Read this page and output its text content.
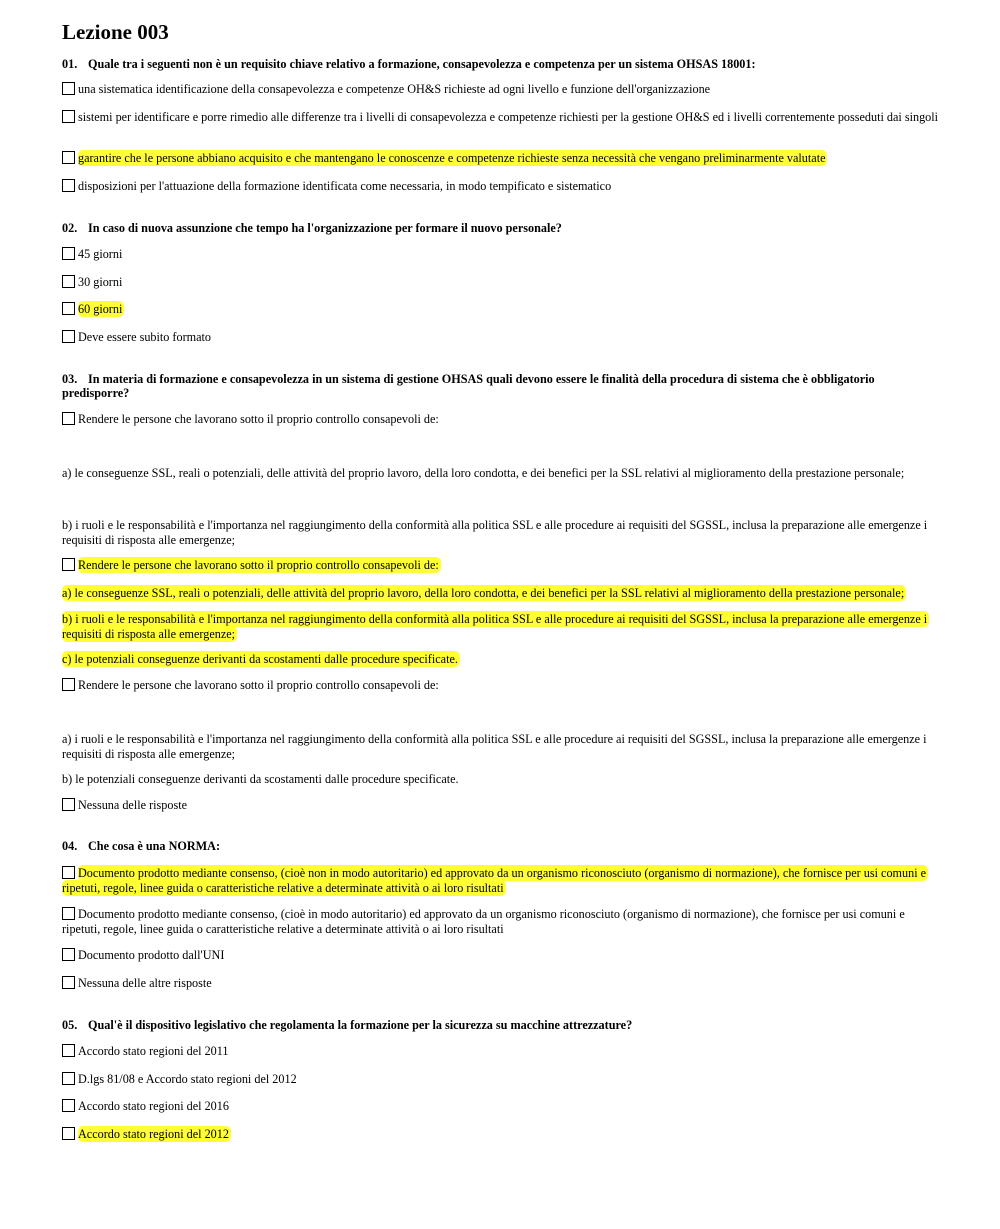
Lezione 003
01. Quale tra i seguenti non è un requisito chiave relativo a formazione, consapevolezza e competenza per un sistema OHSAS 18001:
una sistematica identificazione della consapevolezza e competenze OH&S richieste ad ogni livello e funzione dell'organizzazione
sistemi per identificare e porre rimedio alle differenze tra i livelli di consapevolezza e competenze richiesti per la gestione OH&S ed i livelli correntemente posseduti dai singoli
garantire che le persone abbiano acquisito e che mantengano le conoscenze e competenze richieste senza necessità che vengano preliminarmente valutate
disposizioni per l'attuazione della formazione identificata come necessaria, in modo tempificato e sistematico
02. In caso di nuova assunzione che tempo ha l'organizzazione per formare il nuovo personale?
45 giorni
30 giorni
60 giorni
Deve essere subito formato
03. In materia di formazione e consapevolezza in un sistema di gestione OHSAS quali devono essere le finalità della procedura di sistema che è obbligatorio predisporre?
Rendere le persone che lavorano sotto il proprio controllo consapevoli de:
a) le conseguenze SSL, reali o potenziali, delle attività del proprio lavoro, della loro condotta, e dei benefici per la SSL relativi al miglioramento della prestazione personale;
b) i ruoli e le responsabilità e l'importanza nel raggiungimento della conformità alla politica SSL e alle procedure ai requisiti del SGSSL, inclusa la preparazione alle emergenze i requisiti di risposta alle emergenze;
Rendere le persone che lavorano sotto il proprio controllo consapevoli de:
a) le conseguenze SSL, reali o potenziali, delle attività del proprio lavoro, della loro condotta, e dei benefici per la SSL relativi al miglioramento della prestazione personale;
b) i ruoli e le responsabilità e l'importanza nel raggiungimento della conformità alla politica SSL e alle procedure ai requisiti del SGSSL, inclusa la preparazione alle emergenze i requisiti di risposta alle emergenze;
c) le potenziali conseguenze derivanti da scostamenti dalle procedure specificate.
Rendere le persone che lavorano sotto il proprio controllo consapevoli de:
a) i ruoli e le responsabilità e l'importanza nel raggiungimento della conformità alla politica SSL e alle procedure ai requisiti del SGSSL, inclusa la preparazione alle emergenze i requisiti di risposta alle emergenze;
b) le potenziali conseguenze derivanti da scostamenti dalle procedure specificate.
Nessuna delle risposte
04. Che cosa è una NORMA:
Documento prodotto mediante consenso, (cioè non in modo autoritario) ed approvato da un organismo riconosciuto (organismo di normazione), che fornisce per usi comuni e ripetuti, regole, linee guida o caratteristiche relative a determinate attività o ai loro risultati
Documento prodotto mediante consenso, (cioè in modo autoritario) ed approvato da un organismo riconosciuto (organismo di normazione), che fornisce per usi comuni e ripetuti, regole, linee guida o caratteristiche relative a determinate attività o ai loro risultati
Documento prodotto dall'UNI
Nessuna delle altre risposte
05. Qual'è il dispositivo legislativo che regolamenta la formazione per la sicurezza su macchine attrezzature?
Accordo stato regioni del 2011
D.lgs 81/08 e Accordo stato regioni del 2012
Accordo stato regioni del 2016
Accordo stato regioni del 2012
